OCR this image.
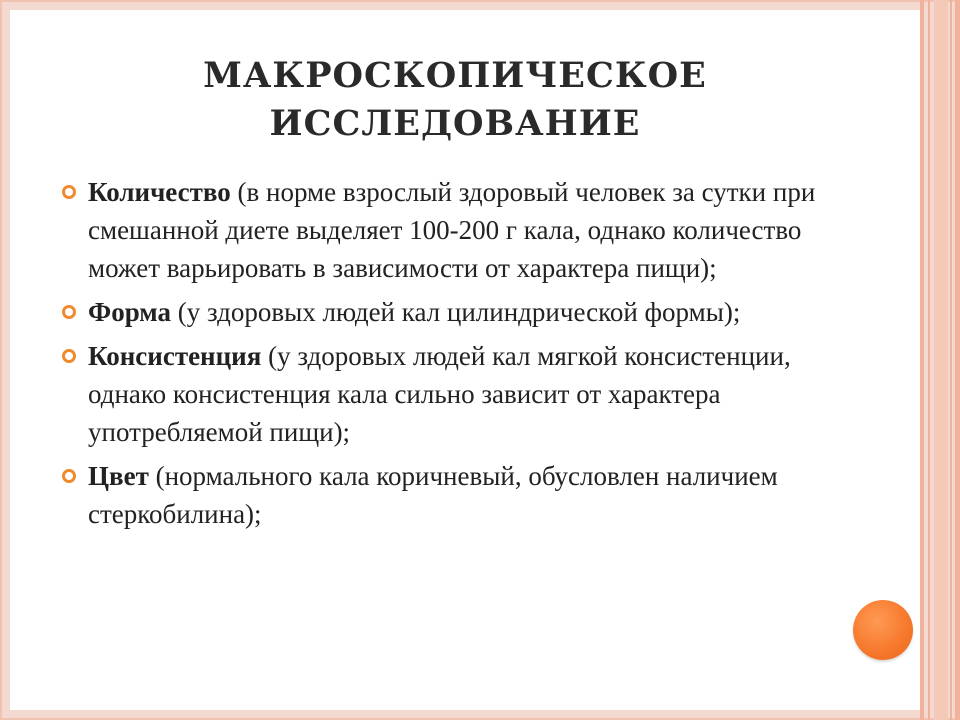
МАКРОСКОПИЧЕСКОЕ
ИССЛЕДОВАНИЕ
Количество (в норме взрослый здоровый человек за сутки при смешанной диете выделяет 100-200 г кала, однако количество может варьировать в зависимости от характера пищи);
Форма (у здоровых людей кал цилиндрической формы);
Консистенция (у здоровых людей кал мягкой консистенции, однако консистенция кала сильно зависит от характера употребляемой пищи);
Цвет (нормального кала коричневый, обусловлен наличием стеркобилина);
